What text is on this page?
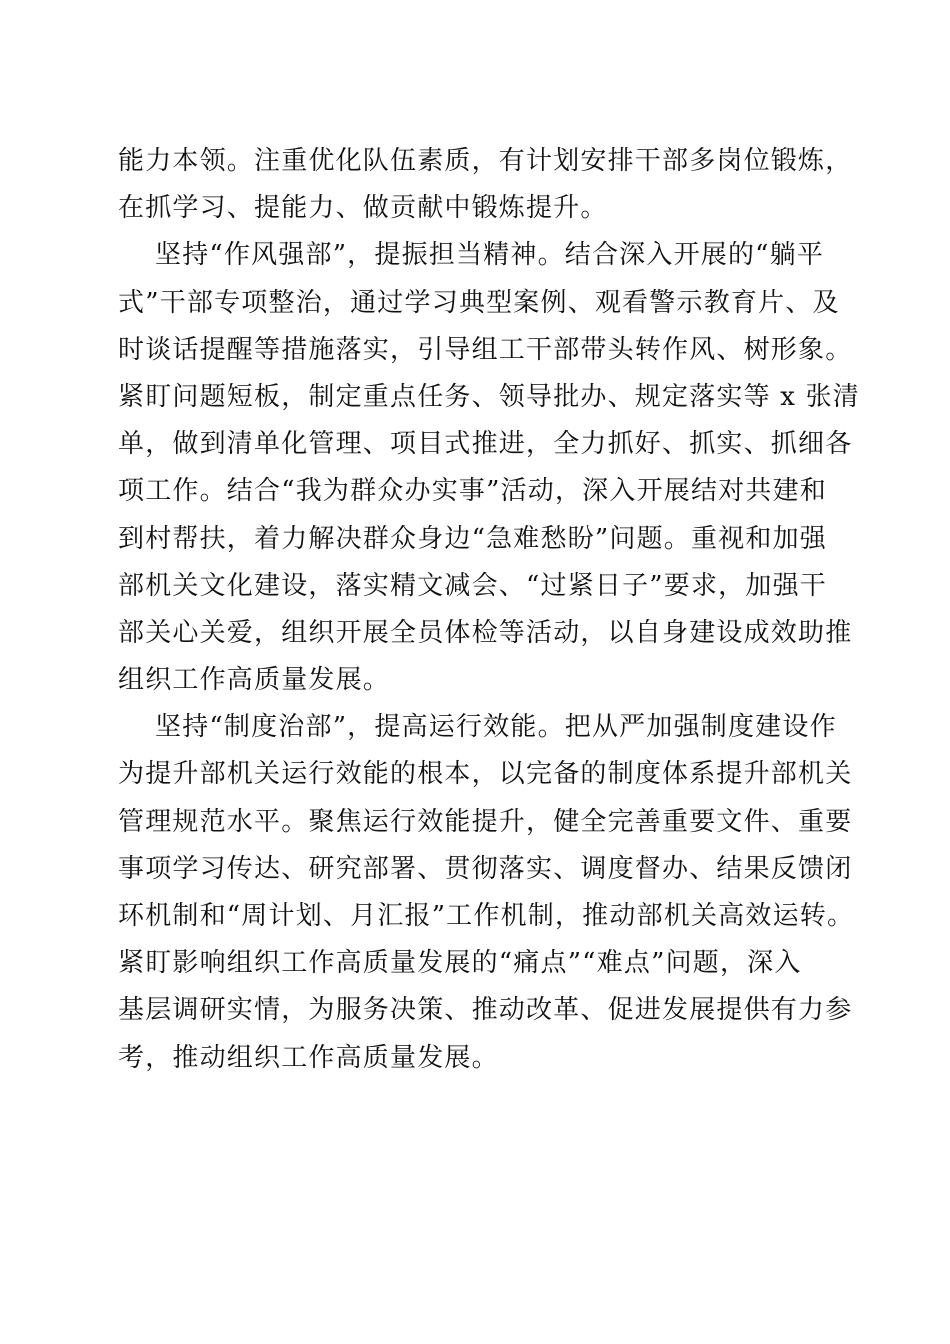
能力本领。注重优化队伍素质，有计划安排干部多岗位锻炼，
在抓学习、提能力、做贡献中锻炼提升。
坚持“作风强部”，提振担当精神。结合深入开展的“躺平
式”干部专项整治，通过学习典型案例、观看警示教育片、及
时谈话提醒等措施落实，引导组工干部带头转作风、树形象。
紧盯问题短板，制定重点任务、领导批办、规定落实等 x 张清
单，做到清单化管理、项目式推进，全力抓好、抓实、抓细各
项工作。结合“我为群众办实事”活动，深入开展结对共建和
到村帮扶，着力解决群众身边“急难愁盼”问题。重视和加强
部机关文化建设，落实精文减会、“过紧日子”要求，加强干
部关心关爱，组织开展全员体检等活动，以自身建设成效助推
组织工作高质量发展。
坚持“制度治部”，提高运行效能。把从严加强制度建设作
为提升部机关运行效能的根本，以完备的制度体系提升部机关
管理规范水平。聚焦运行效能提升，健全完善重要文件、重要
事项学习传达、研究部署、贯彻落实、调度督办、结果反馈闭
环机制和“周计划、月汇报”工作机制，推动部机关高效运转。
紧盯影响组织工作高质量发展的“痛点”“难点”问题，深入
基层调研实情，为服务决策、推动改革、促进发展提供有力参
考，推动组织工作高质量发展。
